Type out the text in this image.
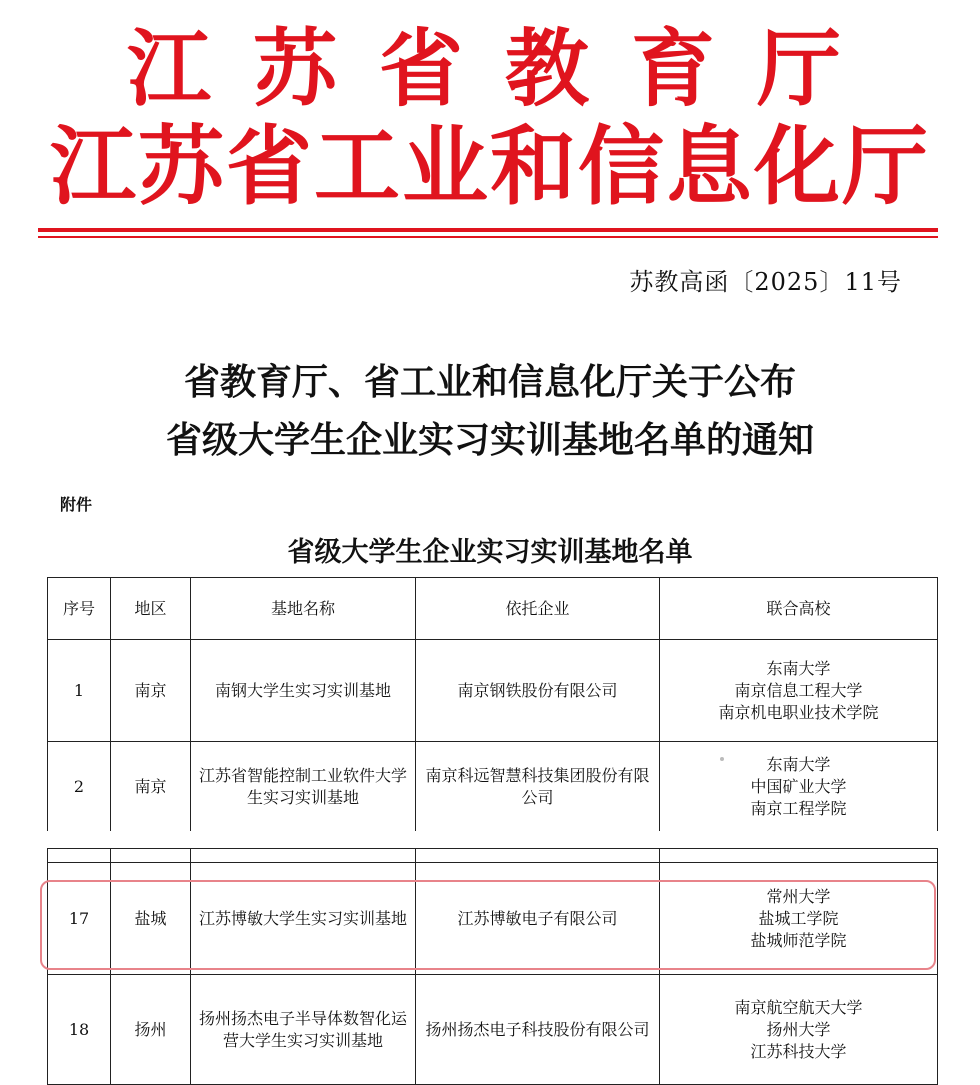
江苏省教育厅
江苏省工业和信息化厅
苏教高函〔2025〕11号
省教育厅、省工业和信息化厅关于公布
省级大学生企业实习实训基地名单的通知
附件
省级大学生企业实习实训基地名单
序号	地区	基地名称	依托企业	联合高校
1	南京	南钢大学生实习实训基地	南京钢铁股份有限公司	东南大学
南京信息工程大学
南京机电职业技术学院

2	南京	江苏省智能控制工业软件大学生实习实训基地	南京科远智慧科技集团股份有限公司	东南大学
中国矿业大学
南京工程学院

17	盐城	江苏博敏大学生实习实训基地	江苏博敏电子有限公司	常州大学
盐城工学院
盐城师范学院

18	扬州	扬州扬杰电子半导体数智化运营大学生实习实训基地	扬州扬杰电子科技股份有限公司	南京航空航天大学
扬州大学
江苏科技大学
